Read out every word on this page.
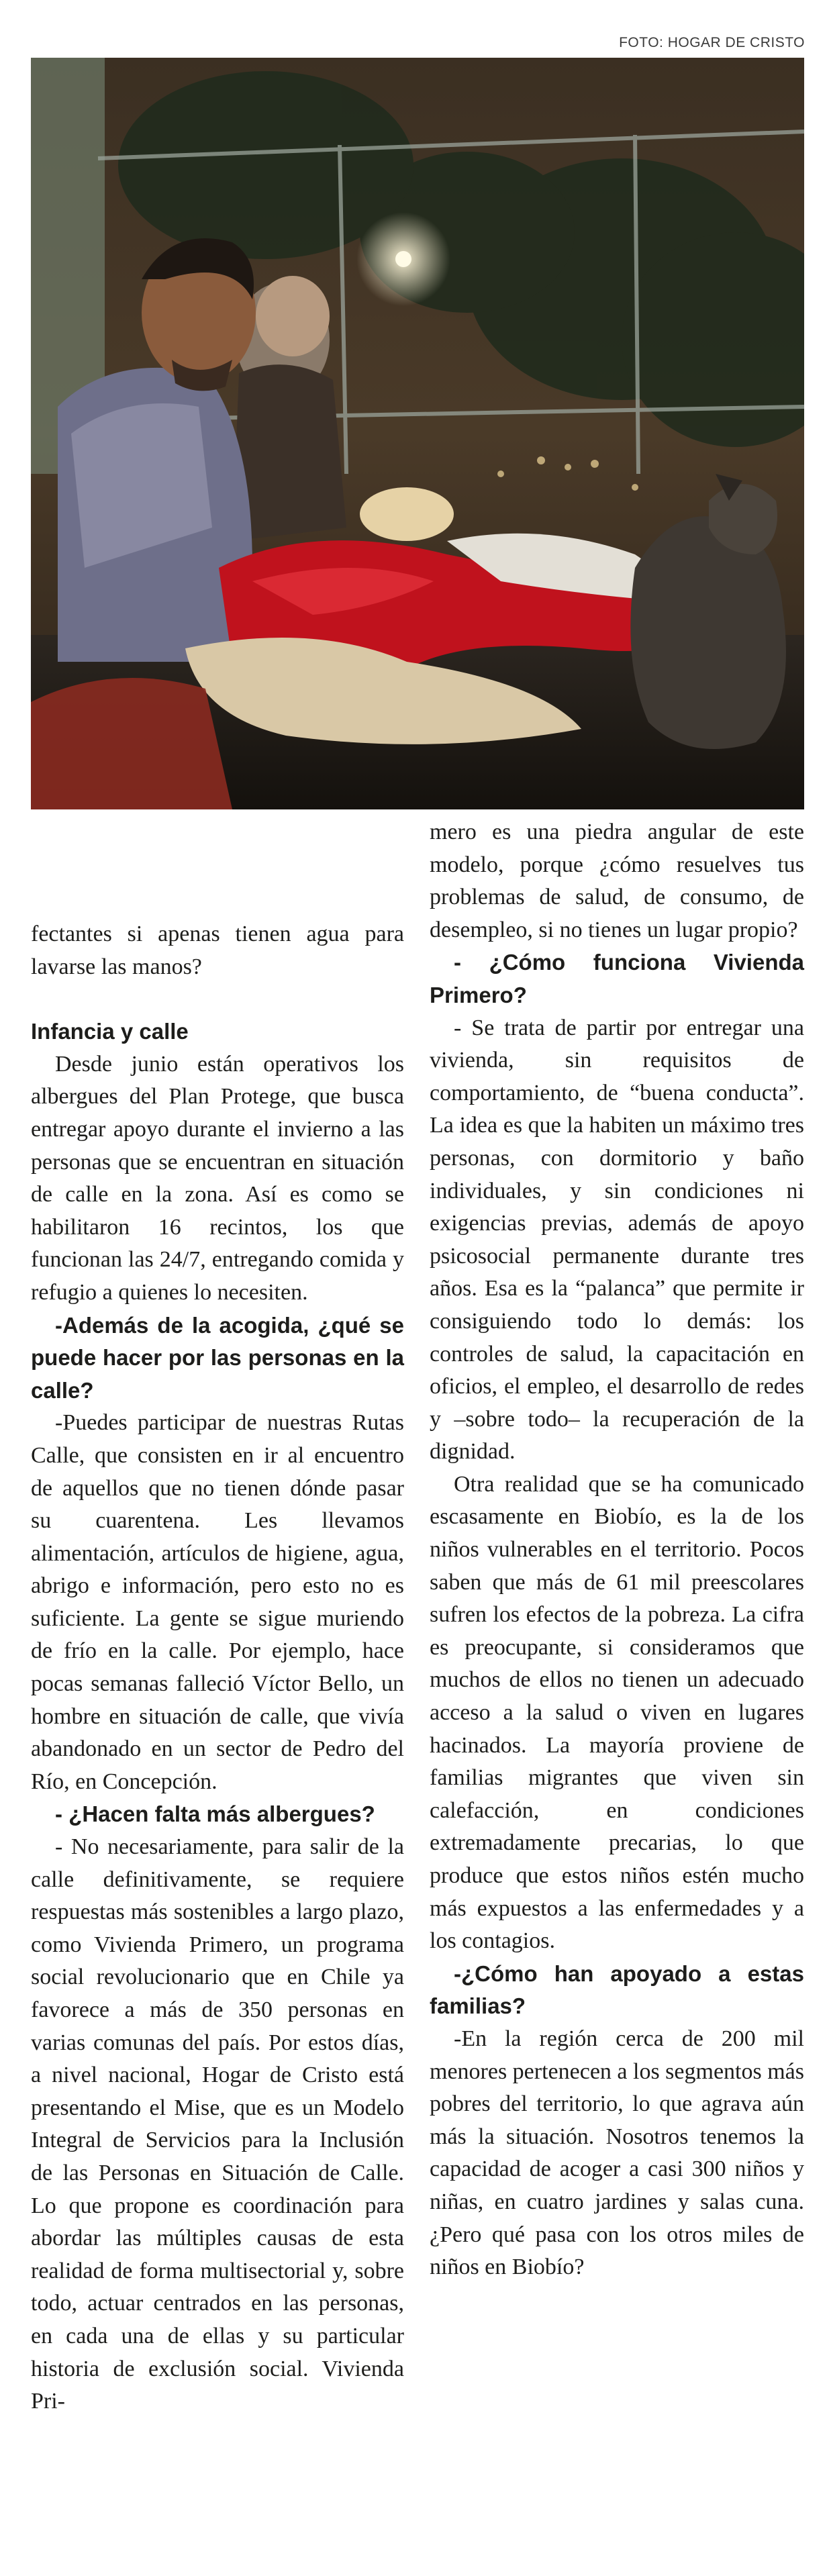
FOTO: HOGAR DE CRISTO

fectantes si apenas tienen agua para lavarse las manos?

Infancia y calle

Desde junio están operativos los albergues del Plan Protege, que busca entregar apoyo durante el invierno a las personas que se encuentran en situación de calle en la zona. Así es como se habilitaron 16 recintos, los que funcionan las 24/7, entregando comida y refugio a quienes lo necesiten.

-Además de la acogida, ¿qué se puede hacer por las personas en la calle?

-Puedes participar de nuestras Rutas Calle, que consisten en ir al encuentro de aquellos que no tienen dónde pasar su cuarentena. Les llevamos alimentación, artículos de higiene, agua, abrigo e información, pero esto no es suficiente. La gente se sigue muriendo de frío en la calle. Por ejemplo, hace pocas semanas falleció Víctor Bello, un hombre en situación de calle, que vivía abandonado en un sector de Pedro del Río, en Concepción.

- ¿Hacen falta más albergues?

- No necesariamente, para salir de la calle definitivamente, se requiere respuestas más sostenibles a largo plazo, como Vivienda Primero, un programa social revolucionario que en Chile ya favorece a más de 350 personas en varias comunas del país. Por estos días, a nivel nacional, Hogar de Cristo está presentando el Mise, que es un Modelo Integral de Servicios para la Inclusión de las Personas en Situación de Calle. Lo que propone es coordinación para abordar las múltiples causas de esta realidad de forma multisectorial y, sobre todo, actuar centrados en las personas, en cada una de ellas y su particular historia de exclusión social. Vivienda Pri-

mero es una piedra angular de este modelo, porque ¿cómo resuelves tus problemas de salud, de consumo, de desempleo, si no tienes un lugar propio?

- ¿Cómo funciona Vivienda Primero?

- Se trata de partir por entregar una vivienda, sin requisitos de comportamiento, de “buena conducta”. La idea es que la habiten un máximo tres personas, con dormitorio y baño individuales, y sin condiciones ni exigencias previas, además de apoyo psicosocial permanente durante tres años. Esa es la “palanca” que permite ir consiguiendo todo lo demás: los controles de salud, la capacitación en oficios, el empleo, el desarrollo de redes y –sobre todo– la recuperación de la dignidad.

Otra realidad que se ha comunicado escasamente en Biobío, es la de los niños vulnerables en el territorio. Pocos saben que más de 61 mil preescolares sufren los efectos de la pobreza. La cifra es preocupante, si consideramos que muchos de ellos no tienen un adecuado acceso a la salud o viven en lugares hacinados. La mayoría proviene de familias migrantes que viven sin calefacción, en condiciones extremadamente precarias, lo que produce que estos niños estén mucho más expuestos a las enfermedades y a los contagios.

-¿Cómo han apoyado a estas familias?

-En la región cerca de 200 mil menores pertenecen a los segmentos más pobres del territorio, lo que agrava aún más la situación. Nosotros tenemos la capacidad de acoger a casi 300 niños y niñas, en cuatro jardines y salas cuna. ¿Pero qué pasa con los otros miles de niños en Biobío?
